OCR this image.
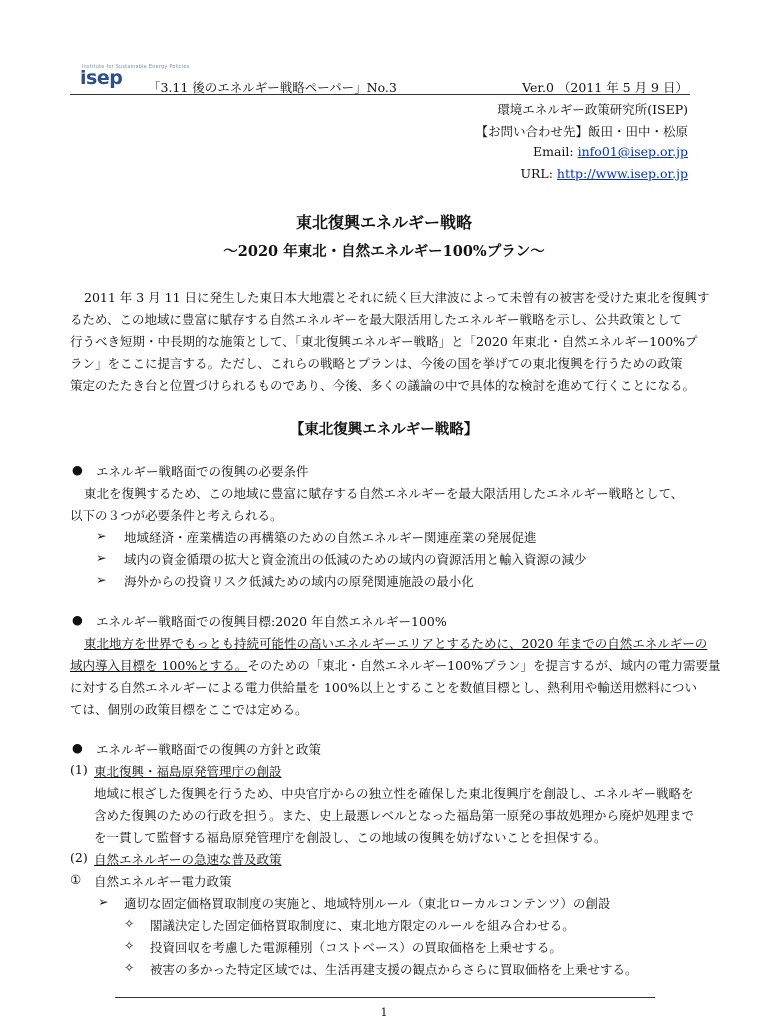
Institute for Sustainable Energy Policies
isep 「3.11 後のエネルギー戦略ペーパー」No.3	Ver.0 （2011 年 5 月 9 日）
環境エネルギー政策研究所(ISEP)
【お問い合わせ先】飯田・田中・松原
Email: info01@isep.or.jp
URL: http://www.isep.or.jp
東北復興エネルギー戦略
～2020 年東北・自然エネルギー100%プラン～
2011 年 3 月 11 日に発生した東日本大地震とそれに続く巨大津波によって未曾有の被害を受けた東北を復興す
るため、この地域に豊富に賦存する自然エネルギーを最大限活用したエネルギー戦略を示し、公共政策として
行うべき短期・中長期的な施策として、「東北復興エネルギー戦略」と「2020 年東北・自然エネルギー100%プ
ラン」をここに提言する。ただし、これらの戦略とプランは、今後の国を挙げての東北復興を行うための政策
策定のたたき台と位置づけられるものであり、今後、多くの議論の中で具体的な検討を進めて行くことになる。
【東北復興エネルギー戦略】
● エネルギー戦略面での復興の必要条件
東北を復興するため、この地域に豊富に賦存する自然エネルギーを最大限活用したエネルギー戦略として、
以下の３つが必要条件と考えられる。
➢ 地域経済・産業構造の再構築のための自然エネルギー関連産業の発展促進
➢ 域内の資金循環の拡大と資金流出の低減のための域内の資源活用と輸入資源の減少
➢ 海外からの投資リスク低減ための域内の原発関連施設の最小化
● エネルギー戦略面での復興目標:2020 年自然エネルギー100%
東北地方を世界でもっとも持続可能性の高いエネルギーエリアとするために、2020 年までの自然エネルギーの
域内導入目標を 100%とする。そのための「東北・自然エネルギー100%プラン」を提言するが、域内の電力需要量
に対する自然エネルギーによる電力供給量を 100%以上とすることを数値目標とし、熱利用や輸送用燃料につい
ては、個別の政策目標をここでは定める。
● エネルギー戦略面での復興の方針と政策
(1) 東北復興・福島原発管理庁の創設
地域に根ざした復興を行うため、中央官庁からの独立性を確保した東北復興庁を創設し、エネルギー戦略を
含めた復興のための行政を担う。また、史上最悪レベルとなった福島第一原発の事故処理から廃炉処理まで
を一貫して監督する福島原発管理庁を創設し、この地域の復興を妨げないことを担保する。
(2) 自然エネルギーの急速な普及政策
① 自然エネルギー電力政策
➢ 適切な固定価格買取制度の実施と、地域特別ルール（東北ローカルコンテンツ）の創設
✧ 閣議決定した固定価格買取制度に、東北地方限定のルールを組み合わせる。
✧ 投資回収を考慮した電源種別（コストベース）の買取価格を上乗せする。
✧ 被害の多かった特定区域では、生活再建支援の観点からさらに買取価格を上乗せする。
1
